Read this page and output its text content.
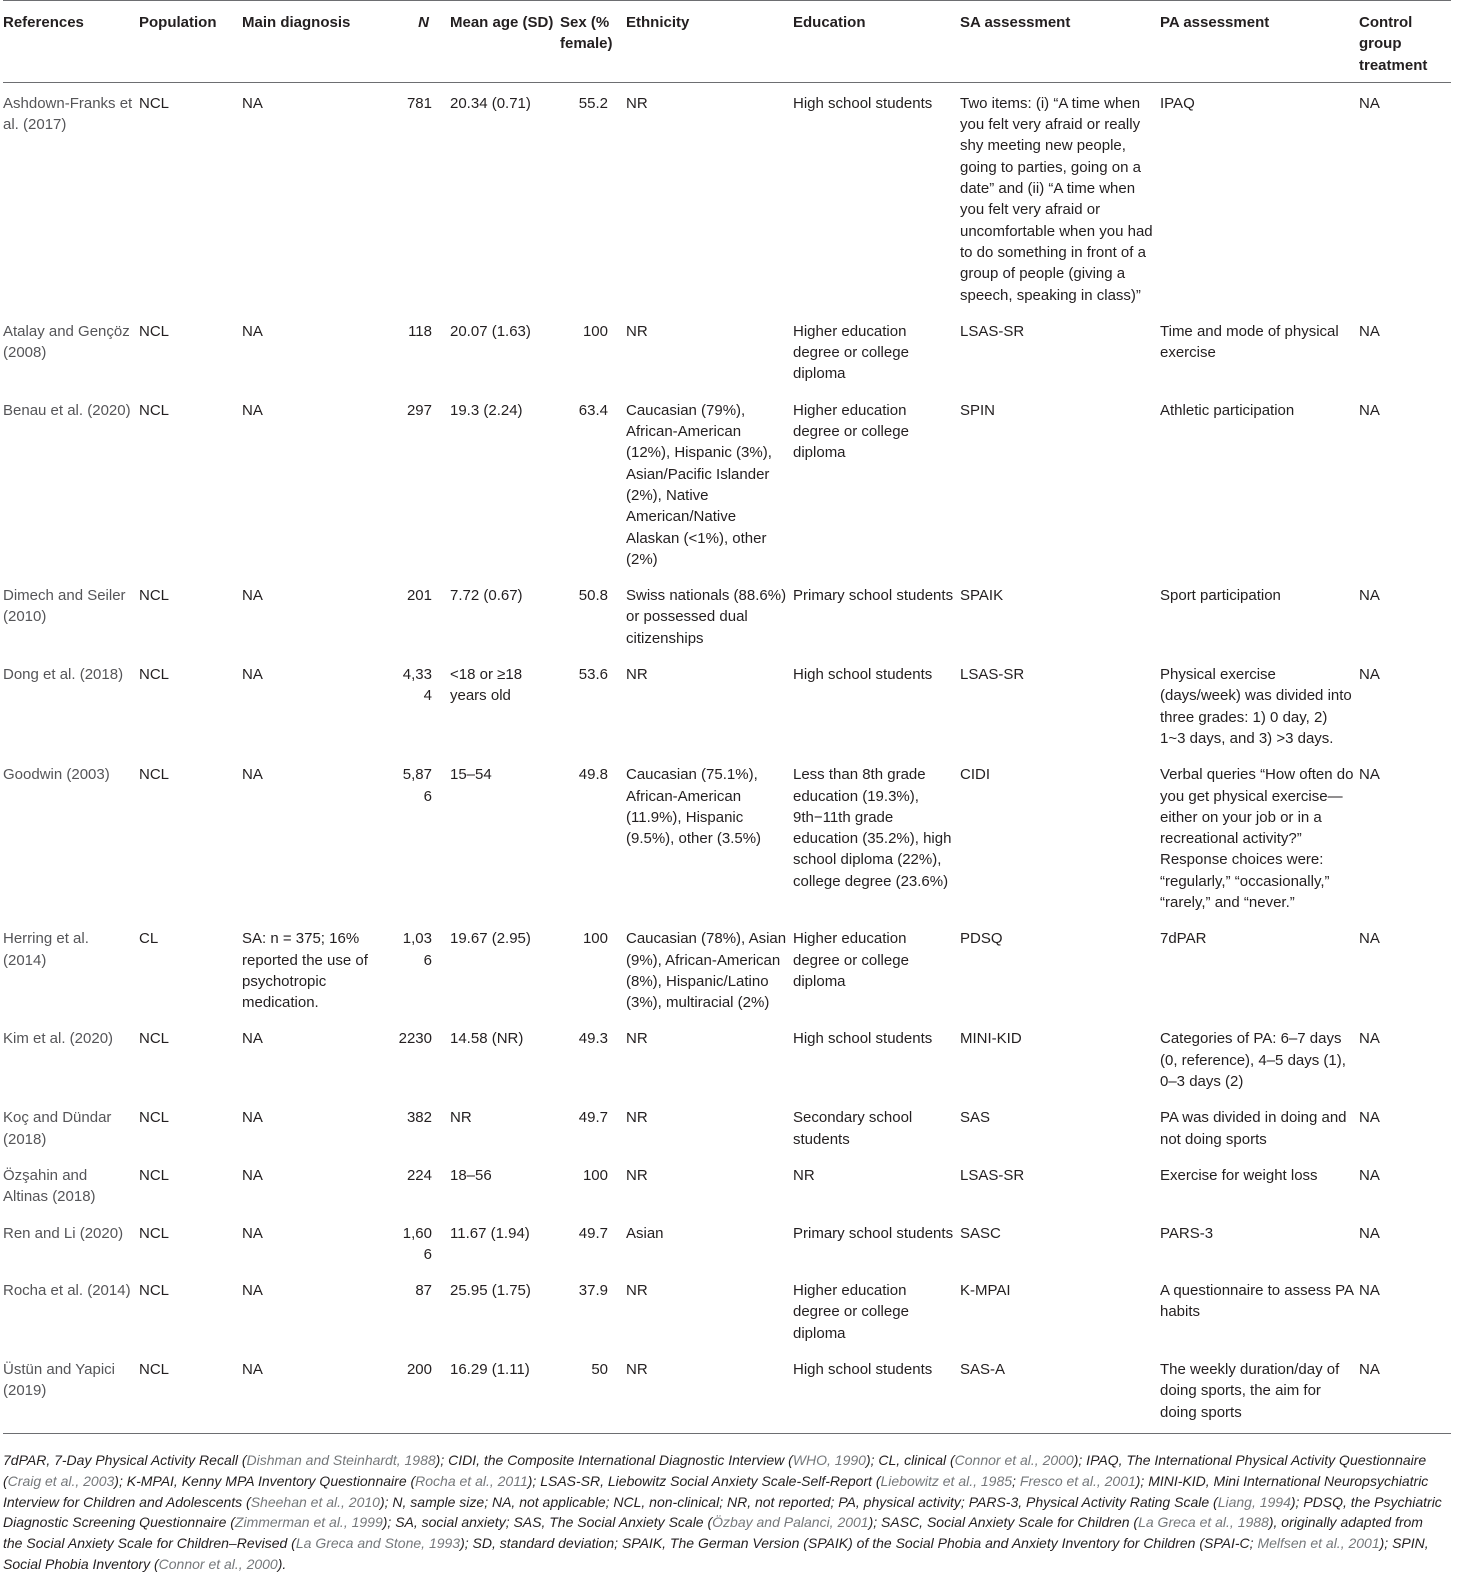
References	Population	Main diagnosis	N	Mean age (SD)	Sex (% female)	Ethnicity	Education	SA assessment	PA assessment	Control group treatment
Ashdown-Franks et al. (2017)	NCL	NA	781	20.34 (0.71)	55.2	NR	High school students	Two items: (i) “A time when you felt very afraid or really shy meeting new people, going to parties, going on a date” and (ii) “A time when you felt very afraid or uncomfortable when you had to do something in front of a group of people (giving a speech, speaking in class)”	IPAQ	NA
Atalay and Gençöz (2008)	NCL	NA	118	20.07 (1.63)	100	NR	Higher education degree or college diploma	LSAS-SR	Time and mode of physical exercise	NA
Benau et al. (2020)	NCL	NA	297	19.3 (2.24)	63.4	Caucasian (79%), African-American (12%), Hispanic (3%), Asian/Pacific Islander (2%), Native American/Native Alaskan (<1%), other (2%)	Higher education degree or college diploma	SPIN	Athletic participation	NA
Dimech and Seiler (2010)	NCL	NA	201	7.72 (0.67)	50.8	Swiss nationals (88.6%) or possessed dual citizenships	Primary school students	SPAIK	Sport participation	NA
Dong et al. (2018)	NCL	NA	4,334	<18 or ≥18 years old	53.6	NR	High school students	LSAS-SR	Physical exercise (days/week) was divided into three grades: 1) 0 day, 2) 1~3 days, and 3) >3 days.	NA
Goodwin (2003)	NCL	NA	5,876	15–54	49.8	Caucasian (75.1%), African-American (11.9%), Hispanic (9.5%), other (3.5%)	Less than 8th grade education (19.3%), 9th−11th grade education (35.2%), high school diploma (22%), college degree (23.6%)	CIDI	Verbal queries “How often do you get physical exercise—either on your job or in a recreational activity?” Response choices were: “regularly,” “occasionally,” “rarely,” and “never.”	NA
Herring et al. (2014)	CL	SA: n = 375; 16% reported the use of psychotropic medication.	1,036	19.67 (2.95)	100	Caucasian (78%), Asian (9%), African-American (8%), Hispanic/Latino (3%), multiracial (2%)	Higher education degree or college diploma	PDSQ	7dPAR	NA
Kim et al. (2020)	NCL	NA	2230	14.58 (NR)	49.3	NR	High school students	MINI-KID	Categories of PA: 6–7 days (0, reference), 4–5 days (1), 0–3 days (2)	NA
Koç and Dündar (2018)	NCL	NA	382	NR	49.7	NR	Secondary school students	SAS	PA was divided in doing and not doing sports	NA
Özşahin and Altinas (2018)	NCL	NA	224	18–56	100	NR	NR	LSAS-SR	Exercise for weight loss	NA
Ren and Li (2020)	NCL	NA	1,606	11.67 (1.94)	49.7	Asian	Primary school students	SASC	PARS-3	NA
Rocha et al. (2014)	NCL	NA	87	25.95 (1.75)	37.9	NR	Higher education degree or college diploma	K-MPAI	A questionnaire to assess PA habits	NA
Üstün and Yapici (2019)	NCL	NA	200	16.29 (1.11)	50	NR	High school students	SAS-A	The weekly duration/day of doing sports, the aim for doing sports	NA
7dPAR, 7-Day Physical Activity Recall (Dishman and Steinhardt, 1988); CIDI, the Composite International Diagnostic Interview (WHO, 1990); CL, clinical (Connor et al., 2000); IPAQ, The International Physical Activity Questionnaire (Craig et al., 2003); K-MPAI, Kenny MPA Inventory Questionnaire (Rocha et al., 2011); LSAS-SR, Liebowitz Social Anxiety Scale-Self-Report (Liebowitz et al., 1985; Fresco et al., 2001); MINI-KID, Mini International Neuropsychiatric Interview for Children and Adolescents (Sheehan et al., 2010); N, sample size; NA, not applicable; NCL, non-clinical; NR, not reported; PA, physical activity; PARS-3, Physical Activity Rating Scale (Liang, 1994); PDSQ, the Psychiatric Diagnostic Screening Questionnaire (Zimmerman et al., 1999); SA, social anxiety; SAS, The Social Anxiety Scale (Özbay and Palanci, 2001); SASC, Social Anxiety Scale for Children (La Greca et al., 1988), originally adapted from the Social Anxiety Scale for Children–Revised (La Greca and Stone, 1993); SD, standard deviation; SPAIK, The German Version (SPAIK) of the Social Phobia and Anxiety Inventory for Children (SPAI-C; Melfsen et al., 2001); SPIN, Social Phobia Inventory (Connor et al., 2000).										
